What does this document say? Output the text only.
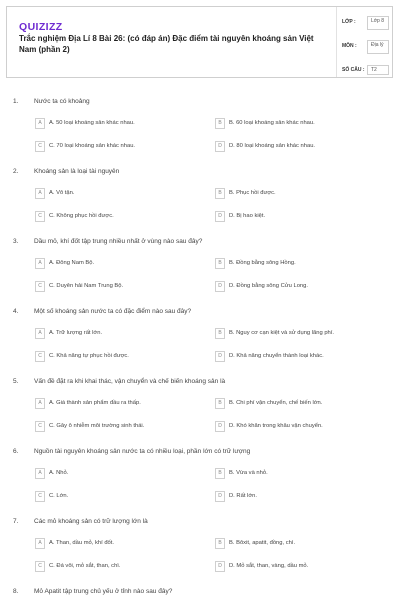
QUIZIZZ
Trắc nghiệm Địa Lí 8 Bài 26: (có đáp án) Đặc điểm tài nguyên khoáng sản Việt Nam (phần 2)
LỚP :	Lớp 8
MÔN :	Địa lý
SỐ CÂU :	T2
1. Nước ta có khoảng
A	A. 50 loại khoáng sản khác nhau.	B	B. 60 loại khoáng sản khác nhau.
C	C. 70 loại khoáng sản khác nhau.	D	D. 80 loại khoáng sản khác nhau.
2. Khoáng sản là loại tài nguyên
A	A. Vô tận.	B	B. Phục hồi được.
C	C. Không phục hồi được.	D	D. Bị hao kiệt.
3. Dầu mỏ, khí đốt tập trung nhiều nhất ở vùng nào sau đây?
A	A. Đông Nam Bộ.	B	B. Đồng bằng sông Hồng.
C	C. Duyên hải Nam Trung Bộ.	D	D. Đồng bằng sông Cửu Long.
4. Một số khoáng sản nước ta có đặc điểm nào sau đây?
A	A. Trữ lượng rất lớn.	B	B. Nguy cơ cạn kiệt và sử dụng lãng phí.
C	C. Khả năng tự phục hồi được.	D	D. Khả năng chuyển thành loại khác.
5. Vấn đề đặt ra khi khai thác, vận chuyển và chế biến khoáng sản là
A	A. Giá thành sản phẩm đầu ra thấp.	B	B. Chi phí vận chuyển, chế biến lớn.
C	C. Gây ô nhiễm môi trường sinh thái.	D	D. Khó khăn trong khâu vận chuyển.
6. Nguồn tài nguyên khoáng sản nước ta có nhiều loại, phần lớn có trữ lượng
A	A. Nhỏ.	B	B. Vừa và nhỏ.
C	C. Lớn.	D	D. Rất lớn.
7. Các mỏ khoáng sản có trữ lượng lớn là
A	A. Than, dầu mỏ, khí đốt.	B	B. Bôxit, apatit, đồng, chì.
C	C. Đá vôi, mỏ sắt, than, chì.	D	D. Mỏ sắt, than, vàng, dầu mỏ.
8. Mỏ Apatit tập trung chủ yếu ở tỉnh nào sau đây?
